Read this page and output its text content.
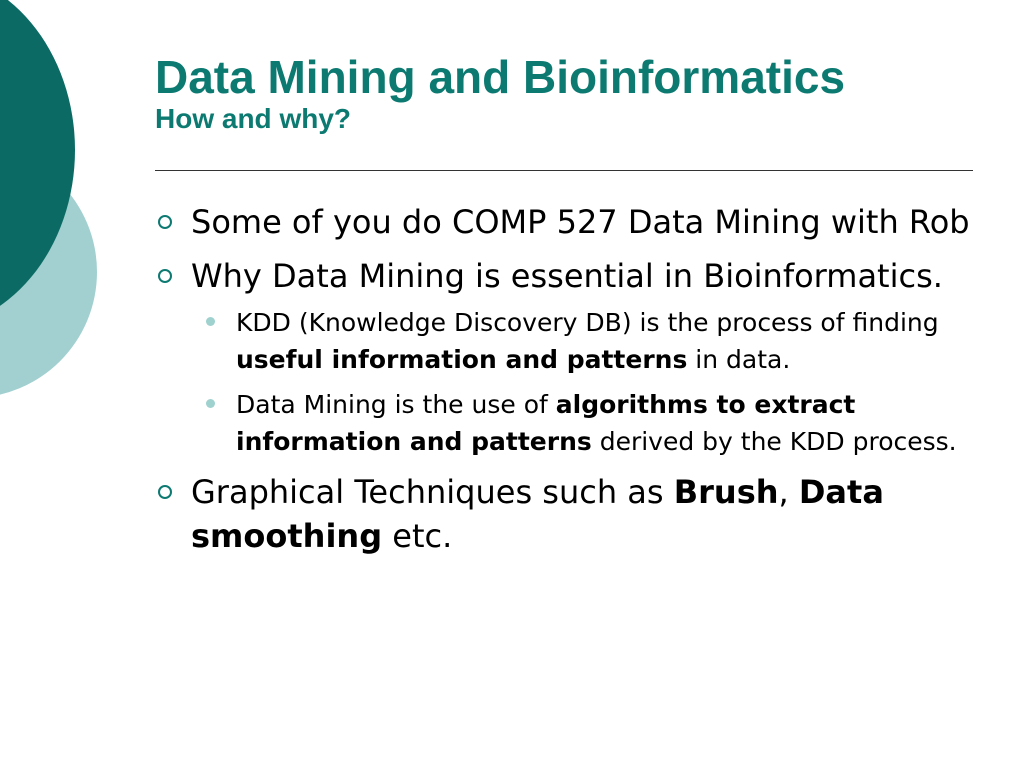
Data Mining and Bioinformatics
How and why?
Some of you do COMP 527 Data Mining with Rob
Why Data Mining is essential in Bioinformatics.
KDD (Knowledge Discovery DB) is the process of finding useful information and patterns in data.
Data Mining is the use of algorithms to extract information and patterns derived by the KDD process.
Graphical Techniques such as Brush, Data smoothing etc.
